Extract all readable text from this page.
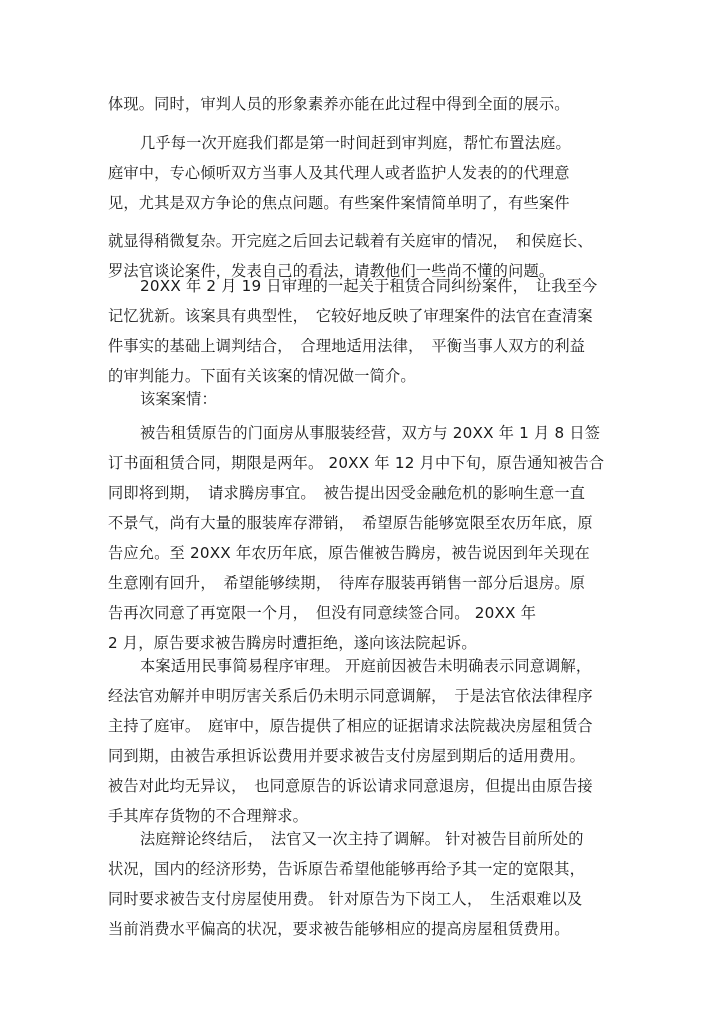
体现。同时，审判人员的形象素养亦能在此过程中得到全面的展示。
几乎每一次开庭我们都是第一时间赶到审判庭，帮忙布置法庭。
庭审中，专心倾听双方当事人及其代理人或者监护人发表的的代理意
见，尤其是双方争论的焦点问题。有些案件案情简单明了，有些案件
就显得稍微复杂。开完庭之后回去记载着有关庭审的情况，　和侯庭长、
罗法官谈论案件，发表自己的看法，请教他们一些尚不懂的问题。
20XX 年 2 月 19 日审理的一起关于租赁合同纠纷案件，　让我至今
记忆犹新。该案具有典型性，　它较好地反映了审理案件的法官在查清案
件事实的基础上调判结合，　合理地适用法律，　平衡当事人双方的利益
的审判能力。下面有关该案的情况做一简介。
该案案情：
被告租赁原告的门面房从事服装经营，双方与 20XX 年 1 月 8 日签
订书面租赁合同，期限是两年。 20XX 年 12 月中下旬，原告通知被告合
同即将到期，　请求腾房事宜。　被告提出因受金融危机的影响生意一直
不景气，尚有大量的服装库存滞销，　希望原告能够宽限至农历年底，原
告应允。至 20XX 年农历年底，原告催被告腾房，被告说因到年关现在
生意刚有回升，　希望能够续期，　待库存服装再销售一部分后退房。原
告再次同意了再宽限一个月，　但没有同意续签合同。 20XX 年
2 月，原告要求被告腾房时遭拒绝，遂向该法院起诉。
本案适用民事简易程序审理。 开庭前因被告未明确表示同意调解，
经法官劝解并申明厉害关系后仍未明示同意调解，　于是法官依法律程序
主持了庭审。　庭审中，原告提供了相应的证据请求法院裁决房屋租赁合
同到期，由被告承担诉讼费用并要求被告支付房屋到期后的适用费用。
被告对此均无异议，　也同意原告的诉讼请求同意退房，但提出由原告接
手其库存货物的不合理辩求。
法庭辩论终结后，　法官又一次主持了调解。 针对被告目前所处的
状况，国内的经济形势，告诉原告希望他能够再给予其一定的宽限其，
同时要求被告支付房屋使用费。 针对原告为下岗工人，　生活艰难以及
当前消费水平偏高的状况，要求被告能够相应的提高房屋租赁费用。
